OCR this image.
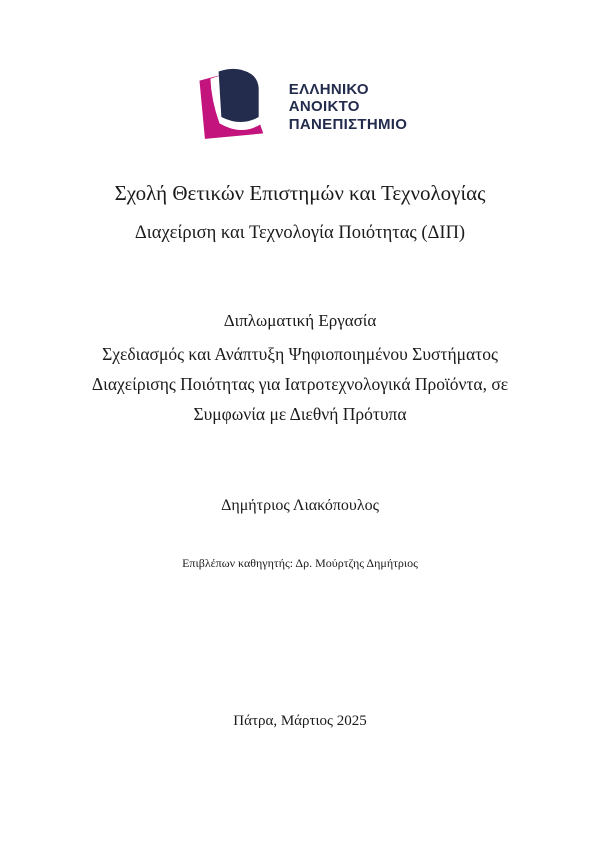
ΕΛΛΗΝΙΚΟ
ΑΝΟΙΚΤΟ
ΠΑΝΕΠΙΣΤΗΜΙΟ
Σχολή Θετικών Επιστημών και Τεχνολογίας
Διαχείριση και Τεχνολογία Ποιότητας (ΔΙΠ)
Διπλωματική Εργασία
Σχεδιασμός και Ανάπτυξη Ψηφιοποιημένου Συστήματος Διαχείρισης Ποιότητας για Ιατροτεχνολογικά Προϊόντα, σε Συμφωνία με Διεθνή Πρότυπα
Δημήτριος Λιακόπουλος
Επιβλέπων καθηγητής: Δρ. Μούρτζης Δημήτριος
Πάτρα, Μάρτιος 2025
